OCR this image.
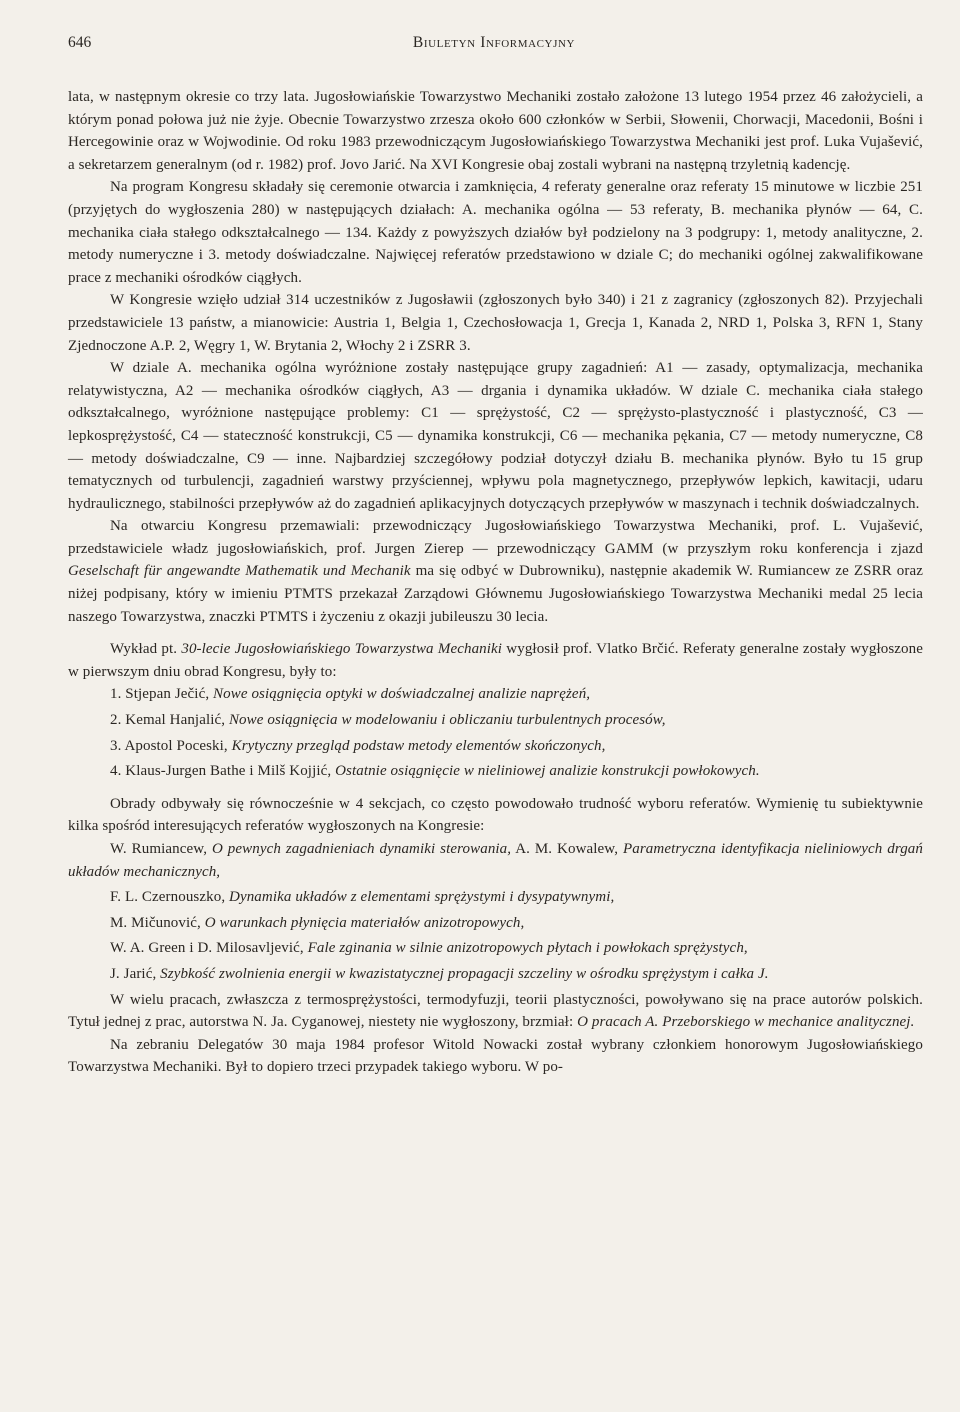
646	Biuletyn Informacyjny

lata, w następnym okresie co trzy lata. Jugosłowiańskie Towarzystwo Mechaniki zostało założone 13 lutego 1954 przez 46 założycieli, a którym ponad połowa już nie żyje. Obecnie Towarzystwo zrzesza około 600 członków w Serbii, Słowenii, Chorwacji, Macedonii, Bośni i Hercegowinie oraz w Wojwodinie. Od roku 1983 przewodniczącym Jugosłowiańskiego Towarzystwa Mechaniki jest prof. Luka Vujašević, a sekretarzem generalnym (od r. 1982) prof. Jovo Jarić. Na XVI Kongresie obaj zostali wybrani na następną trzyletnią kadencję.

Na program Kongresu składały się ceremonie otwarcia i zamknięcia, 4 referaty generalne oraz referaty 15 minutowe w liczbie 251 (przyjętych do wygłoszenia 280) w następujących działach: A. mechanika ogólna — 53 referaty, B. mechanika płynów — 64, C. mechanika ciała stałego odkształcalnego — 134. Każdy z powyższych działów był podzielony na 3 podgrupy: 1, metody analityczne, 2. metody numeryczne i 3. metody doświadczalne. Najwięcej referatów przedstawiono w dziale C; do mechaniki ogólnej zakwalifikowane prace z mechaniki ośrodków ciągłych.

W Kongresie wzięło udział 314 uczestników z Jugosławii (zgłoszonych było 340) i 21 z zagranicy (zgłoszonych 82). Przyjechali przedstawiciele 13 państw, a mianowicie: Austria 1, Belgia 1, Czechosłowacja 1, Grecja 1, Kanada 2, NRD 1, Polska 3, RFN 1, Stany Zjednoczone A.P. 2, Węgry 1, W. Brytania 2, Włochy 2 i ZSRR 3.

W dziale A. mechanika ogólna wyróżnione zostały następujące grupy zagadnień: A1 — zasady, optymalizacja, mechanika relatywistyczna, A2 — mechanika ośrodków ciągłych, A3 — drgania i dynamika układów. W dziale C. mechanika ciała stałego odkształcalnego, wyróżnione następujące problemy: C1 — sprężystość, C2 — sprężysto-plastyczność i plastyczność, C3 — lepkosprężystość, C4 — stateczność konstrukcji, C5 — dynamika konstrukcji, C6 — mechanika pękania, C7 — metody numeryczne, C8 — metody doświadczalne, C9 — inne. Najbardziej szczegółowy podział dotyczył działu B. mechanika płynów. Było tu 15 grup tematycznych od turbulencji, zagadnień warstwy przyściennej, wpływu pola magnetycznego, przepływów lepkich, kawitacji, udaru hydraulicznego, stabilności przepływów aż do zagadnień aplikacyjnych dotyczących przepływów w maszynach i technik doświadczalnych.

Na otwarciu Kongresu przemawiali: przewodniczący Jugosłowiańskiego Towarzystwa Mechaniki, prof. L. Vujašević, przedstawiciele władz jugosłowiańskich, prof. Jurgen Zierep — przewodniczący GAMM (w przyszłym roku konferencja i zjazd Geselschaft für angewandte Mathematik und Mechanik ma się odbyć w Dubrowniku), następnie akademik W. Rumiancew ze ZSRR oraz niżej podpisany, który w imieniu PTMTS przekazał Zarządowi Głównemu Jugosłowiańskiego Towarzystwa Mechaniki medal 25 lecia naszego Towarzystwa, znaczki PTMTS i życzeniu z okazji jubileuszu 30 lecia.

Wykład pt. 30-lecie Jugosłowiańskiego Towarzystwa Mechaniki wygłosił prof. Vlatko Brčić. Referaty generalne zostały wygłoszone w pierwszym dniu obrad Kongresu, były to:

1. Stjepan Ječić, Nowe osiągnięcia optyki w doświadczalnej analizie naprężeń,

2. Kemal Hanjalić, Nowe osiągnięcia w modelowaniu i obliczaniu turbulentnych procesów,

3. Apostol Poceski, Krytyczny przegląd podstaw metody elementów skończonych,

4. Klaus-Jurgen Bathe i Milš Kojjić, Ostatnie osiągnięcie w nieliniowej analizie konstrukcji powłokowych.

Obrady odbywały się równocześnie w 4 sekcjach, co często powodowało trudność wyboru referatów. Wymienię tu subiektywnie kilka spośród interesujących referatów wygłoszonych na Kongresie:

W. Rumiancew, O pewnych zagadnieniach dynamiki sterowania, A. M. Kowalew, Parametryczna identyfikacja nieliniowych drgań układów mechanicznych,

F. L. Czernouszko, Dynamika układów z elementami sprężystymi i dysypatywnymi,

M. Mičunović, O warunkach płynięcia materiałów anizotropowych,

W. A. Green i D. Milosavljević, Fale zginania w silnie anizotropowych płytach i powłokach sprężystych,

J. Jarić, Szybkość zwolnienia energii w kwazistatycznej propagacji szczeliny w ośrodku sprężystym i całka J.

W wielu pracach, zwłaszcza z termosprężystości, termodyfuzji, teorii plastyczności, powoływano się na prace autorów polskich. Tytuł jednej z prac, autorstwa N. Ja. Cyganowej, niestety nie wygłoszony, brzmiał: O pracach A. Przeborskiego w mechanice analitycznej.

Na zebraniu Delegatów 30 maja 1984 profesor Witold Nowacki został wybrany członkiem honorowym Jugosłowiańskiego Towarzystwa Mechaniki. Był to dopiero trzeci przypadek takiego wyboru. W po-
